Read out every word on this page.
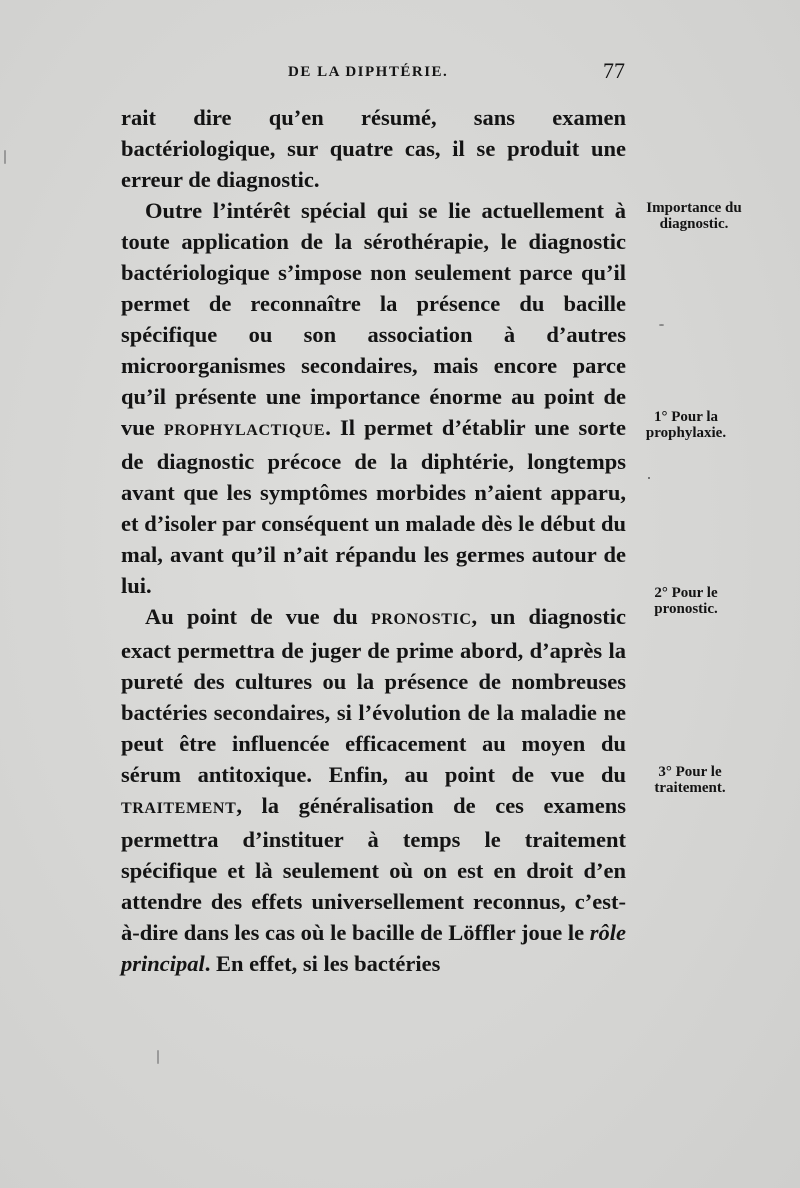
DE LA DIPHTÉRIE.	77

rait dire qu’en résumé, sans examen bactériologique, sur quatre cas, il se produit une erreur de diagnostic.

Outre l’intérêt spécial qui se lie actuellement à toute application de la sérothérapie, le diagnostic bactériologique s’impose non seulement parce qu’il permet de reconnaître la présence du bacille spécifique ou son association à d’autres microorganismes secondaires, mais encore parce qu’il présente une importance énorme au point de vue PROPHYLACTIQUE. Il permet d’établir une sorte de diagnostic précoce de la diphtérie, longtemps avant que les symptômes morbides n’aient apparu, et d’isoler par conséquent un malade dès le début du mal, avant qu’il n’ait répandu les germes autour de lui.

Au point de vue du PRONOSTIC, un diagnostic exact permettra de juger de prime abord, d’après la pureté des cultures ou la présence de nombreuses bactéries secondaires, si l’évolution de la maladie ne peut être influencée efficacement au moyen du sérum antitoxique. Enfin, au point de vue du TRAITEMENT, la généralisation de ces examens permettra d’instituer à temps le traitement spécifique et là seulement où on est en droit d’en attendre des effets universellement reconnus, c’est-à-dire dans les cas où le bacille de Löffler joue le rôle principal. En effet, si les bactéries

Importance du
diagnostic.
1° Pour la
prophylaxie.
2° Pour le
pronostic.
3° Pour le
traitement.
